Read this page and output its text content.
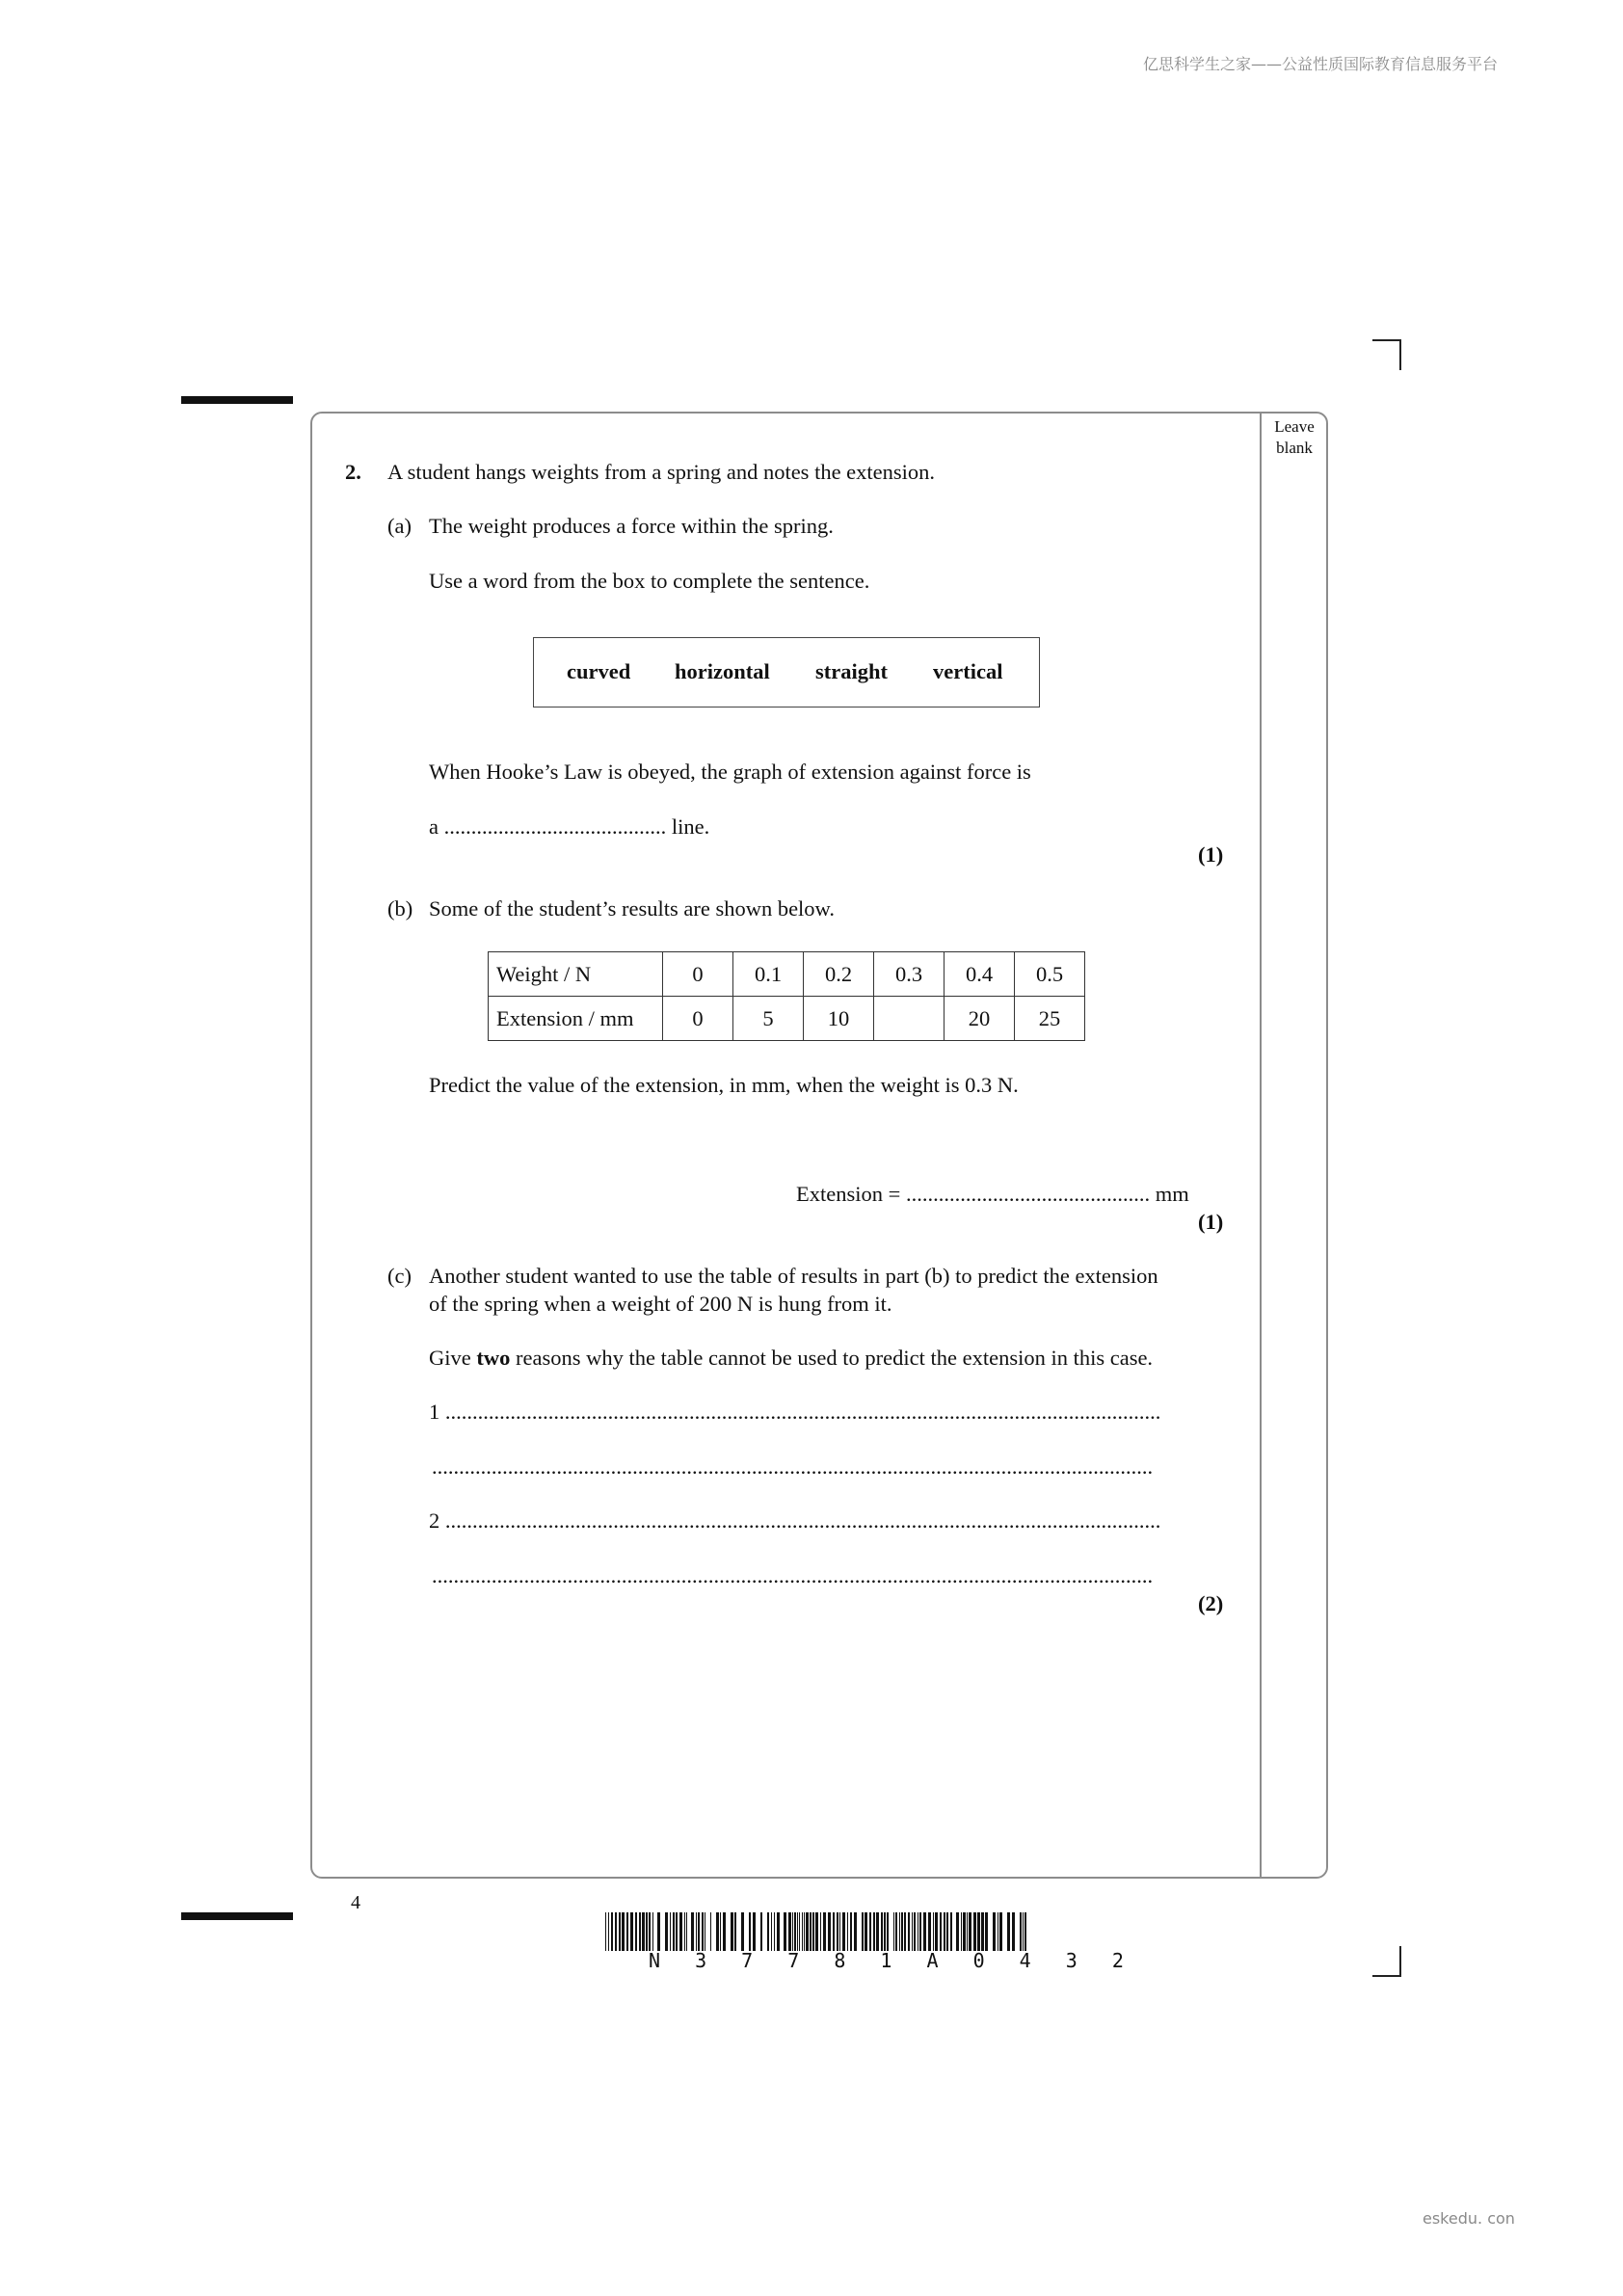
亿思科学生之家——公益性质国际教育信息服务平台
eskedu. con
Leave
blank
2. A student hangs weights from a spring and notes the extension.
(a) The weight produces a force within the spring.
Use a word from the box to complete the sentence.
curved horizontal straight vertical
When Hooke’s Law is obeyed, the graph of extension against force is
a ......................................... line.
(1)
(b) Some of the student’s results are shown below.
Weight / N	0	0.1	0.2	0.3	0.4	0.5
Extension / mm	0	5	10		20	25
Predict the value of the extension, in mm, when the weight is 0.3 N.
Extension = ............................................. mm
(1)
(c) Another student wanted to use the table of results in part (b) to predict the extension
of the spring when a weight of 200 N is hung from it.
Give two reasons why the table cannot be used to predict the extension in this case.
1 ....................................................................................................................................
.....................................................................................................................................
2 ....................................................................................................................................
.....................................................................................................................................
(2)
4
N 3 7 7 8 1 A 0 4 3 2
